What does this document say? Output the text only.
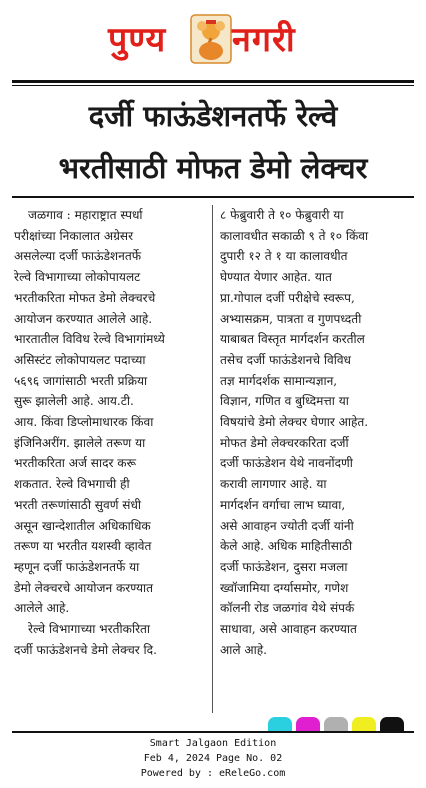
पुण्य नगरी
दर्जी फाऊंडेशनतर्फे रेल्वे
भरतीसाठी मोफत डेमो लेक्चर

जळगाव : महाराष्ट्रात स्पर्धा

परीक्षांच्या निकालात अग्रेसर

असलेल्या दर्जी फाऊंडेशनतर्फे

रेल्वे विभागाच्या लोकोपायलट

भरतीकरिता मोफत डेमो लेक्चरचे

आयोजन करण्यात आलेले आहे.

भारतातील विविध रेल्वे विभागांमध्ये

असिस्टंट लोकोपायलट पदाच्या

५६९६ जागांसाठी भरती प्रक्रिया

सुरू झालेली आहे. आय.टी.

आय. किंवा डिप्लोमाधारक किंवा

इंजिनिअरींग. झालेले तरूण या

भरतीकरिता अर्ज सादर करू

शकतात. रेल्वे विभगाची ही

भरती तरूणांसाठी सुवर्ण संधी

असून खान्देशातील अधिकाधिक

तरूण या भरतीत यशस्वी व्हावेत

म्हणून दर्जी फाऊंडेशनतर्फे या

डेमो लेक्चरचे आयोजन करण्यात

आलेले आहे.

रेल्वे विभागाच्या भरतीकरिता

दर्जी फाऊंडेशनचे डेमो लेक्चर दि.

८ फेब्रुवारी ते १० फेब्रुवारी या

कालावधीत सकाळी ९ ते १० किंवा

दुपारी १२ ते १ या कालावधीत

घेण्यात येणार आहेत. यात

प्रा.गोपाल दर्जी परीक्षेचे स्वरूप,

अभ्यासक्रम, पात्रता व गुणपध्दती

याबाबत विस्तृत मार्गदर्शन करतील

तसेच दर्जी फाऊंडेशनचे विविध

तज्ञ मार्गदर्शक सामान्यज्ञान,

विज्ञान, गणित व बुध्दिमत्ता या

विषयांचे डेमो लेक्चर घेणार आहेत.

मोफत डेमो लेक्चरकरिता दर्जी

दर्जी फाऊंडेशन येथे नावनोंदणी

करावी लागणार आहे. या

मार्गदर्शन वर्गाचा लाभ घ्यावा,

असे आवाहन ज्योती दर्जी यांनी

केले आहे. अधिक माहितीसाठी

दर्जी फाऊंडेशन, दुसरा मजला

ख्वॉजामिया दर्ग्यासमोर, गणेश

कॉलनी रोड जळगांव येथे संपर्क

साधावा, असे आवाहन करण्यात

आले आहे.

Smart Jalgaon Edition
Feb 4, 2024 Page No. 02
Powered by : eReleGo.com
